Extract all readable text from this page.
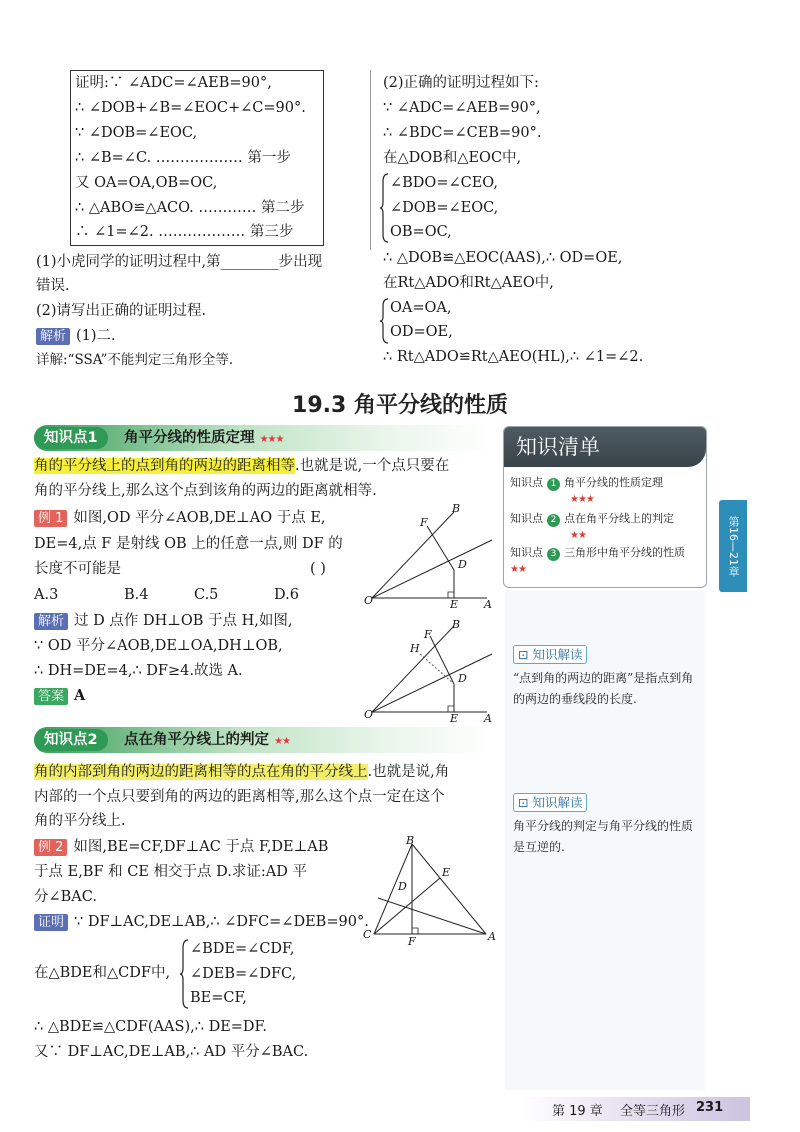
证明:∵ ∠ADC=∠AEB=90°,
∴ ∠DOB+∠B=∠EOC+∠C=90°.
∵ ∠DOB=∠EOC,
∴ ∠B=∠C. ……………… 第一步
又 OA=OA,OB=OC,
∴ △ABO≌△ACO. ………… 第二步
∴ ∠1=∠2. ……………… 第三步
(1)小虎同学的证明过程中,第________步出现
错误.
(2)请写出正确的证明过程.
解析 (1)二.
详解:“SSA”不能判定三角形全等.
(2)正确的证明过程如下:
∵ ∠ADC=∠AEB=90°,
∴ ∠BDC=∠CEB=90°.
在△DOB和△EOC中,
∠BDO=∠CEO,
∠DOB=∠EOC,
OB=OC,
∴ △DOB≌△EOC(AAS),∴ OD=OE,
在Rt△ADO和Rt△AEO中,
OA=OA,
OD=OE,
∴ Rt△ADO≌Rt△AEO(HL),∴ ∠1=∠2.
19.3 角平分线的性质
知识点1	角平分线的性质定理 ★★★
角的平分线上的点到角的两边的距离相等.也就是说,一个点只要在
角的平分线上,那么这个点到该角的两边的距离就相等.
例 1 如图,OD 平分∠AOB,DE⊥AO 于点 E,
DE=4,点 F 是射线 OB 上的任意一点,则 DF 的
长度不可能是	( )
A.3	B.4	C.5	D.6
解析 过 D 点作 DH⊥OB 于点 H,如图,
∵ OD 平分∠AOB,DE⊥OA,DH⊥OB,
∴ DH=DE=4,∴ DF≥4.故选 A.
答案 A
O	A
E
B
D
F
O	A
E
B
D
F
H
知识点2	点在角平分线上的判定 ★★
角的内部到角的两边的距离相等的点在角的平分线上.也就是说,角
内部的一个点只要到角的两边的距离相等,那么这个点一定在这个
角的平分线上.
例 2 如图,BE=CF,DF⊥AC 于点 F,DE⊥AB
于点 E,BF 和 CE 相交于点 D.求证:AD 平
分∠BAC.
证明 ∵ DF⊥AC,DE⊥AB,∴ ∠DFC=∠DEB=90°.
在△BDE和△CDF中,
∠BDE=∠CDF,
∠DEB=∠DFC,
BE=CF,
∴ △BDE≌△CDF(AAS),∴ DE=DF.
又∵ DF⊥AC,DE⊥AB,∴ AD 平分∠BAC.
B
C	A
D
E
F
知识清单
知识点 1 角平分线的性质定理
★★★
知识点 2 点在角平分线上的判定
★★
知识点 3 三角形中角平分线的性质 ★★
⊡ 知识解读
“点到角的两边的距离”是指点到角的两边的垂线段的长度.
⊡ 知识解读
角平分线的判定与角平分线的性质是互逆的.
第16—21章
第 19 章 全等三角形 231
